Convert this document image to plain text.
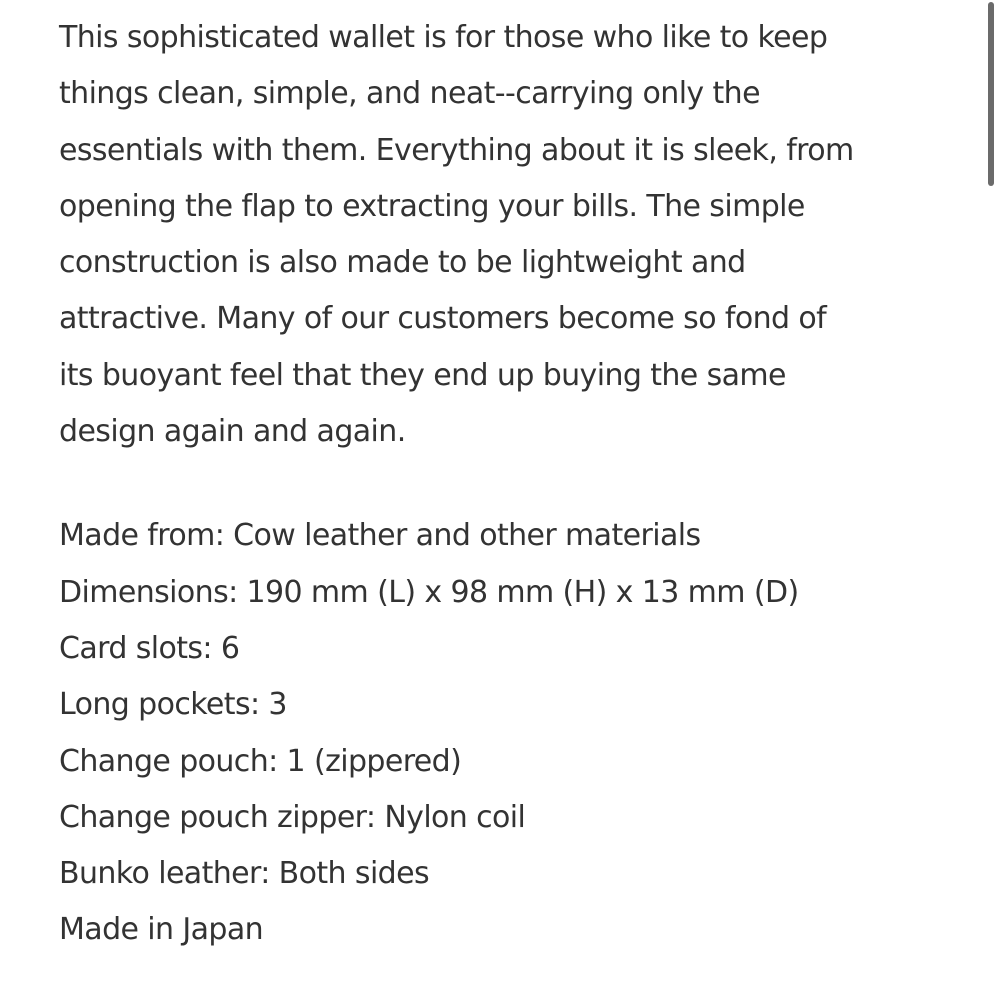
This sophisticated wallet is for those who like to keep
things clean, simple, and neat--carrying only the
essentials with them. Everything about it is sleek, from
opening the flap to extracting your bills. The simple
construction is also made to be lightweight and
attractive. Many of our customers become so fond of
its buoyant feel that they end up buying the same
design again and again.
Made from: Cow leather and other materials
Dimensions: 190 mm (L) x 98 mm (H) x 13 mm (D)
Card slots: 6
Long pockets: 3
Change pouch: 1 (zippered)
Change pouch zipper: Nylon coil
Bunko leather: Both sides
Made in Japan
